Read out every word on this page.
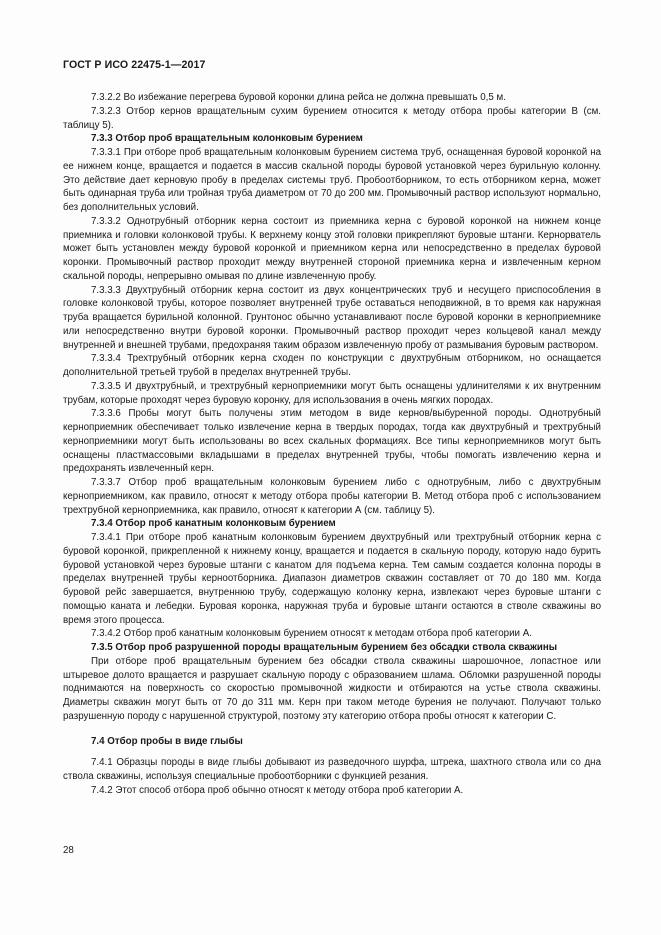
ГОСТ Р ИСО 22475-1—2017

7.3.2.2 Во избежание перегрева буровой коронки длина рейса не должна превышать 0,5 м.

7.3.2.3 Отбор кернов вращательным сухим бурением относится к методу отбора пробы категории В (см. таблицу 5).

7.3.3 Отбор проб вращательным колонковым бурением

7.3.3.1 При отборе проб вращательным колонковым бурением система труб, оснащенная буровой коронкой на ее нижнем конце, вращается и подается в массив скальной породы буровой установкой через бурильную колонну. Это действие дает керновую пробу в пределах системы труб. Пробоотборником, то есть отборником керна, может быть одинарная труба или тройная труба диаметром от 70 до 200 мм. Промывочный раствор используют нормально, без дополнительных условий.

7.3.3.2 Однотрубный отборник керна состоит из приемника керна с буровой коронкой на нижнем конце приемника и головки колонковой трубы. К верхнему концу этой головки прикрепляют буровые штанги. Кернорватель может быть установлен между буровой коронкой и приемником керна или непосредственно в пределах буровой коронки. Промывочный раствор проходит между внутренней стороной приемника керна и извлеченным керном скальной породы, непрерывно омывая по длине извлеченную пробу.

7.3.3.3 Двухтрубный отборник керна состоит из двух концентрических труб и несущего приспособления в головке колонковой трубы, которое позволяет внутренней трубе оставаться неподвижной, в то время как наружная труба вращается бурильной колонной. Грунтонос обычно устанавливают после буровой коронки в керноприемнике или непосредственно внутри буровой коронки. Промывочный раствор проходит через кольцевой канал между внутренней и внешней трубами, предохраняя таким образом извлеченную пробу от размывания буровым раствором.

7.3.3.4 Трехтрубный отборник керна сходен по конструкции с двухтрубным отборником, но оснащается дополнительной третьей трубой в пределах внутренней трубы.

7.3.3.5 И двухтрубный, и трехтрубный керноприемники могут быть оснащены удлинителями к их внутренним трубам, которые проходят через буровую коронку, для использования в очень мягких породах.

7.3.3.6 Пробы могут быть получены этим методом в виде кернов/выбуренной породы. Однотрубный керноприемник обеспечивает только извлечение керна в твердых породах, тогда как двухтрубный и трехтрубный керноприемники могут быть использованы во всех скальных формациях. Все типы керноприемников могут быть оснащены пластмассовыми вкладышами в пределах внутренней трубы, чтобы помогать извлечению керна и предохранять извлеченный керн.

7.3.3.7 Отбор проб вращательным колонковым бурением либо с однотрубным, либо с двухтрубным керноприемником, как правило, относят к методу отбора пробы категории В. Метод отбора проб с использованием трехтрубной керноприемника, как правило, относят к категории А (см. таблицу 5).

7.3.4 Отбор проб канатным колонковым бурением

7.3.4.1 При отборе проб канатным колонковым бурением двухтрубный или трехтрубный отборник керна с буровой коронкой, прикрепленной к нижнему концу, вращается и подается в скальную породу, которую надо бурить буровой установкой через буровые штанги с канатом для подъема керна. Тем самым создается колонна породы в пределах внутренней трубы керноотборника. Диапазон диаметров скважин составляет от 70 до 180 мм. Когда буровой рейс завершается, внутреннюю трубу, содержащую колонку керна, извлекают через буровые штанги с помощью каната и лебедки. Буровая коронка, наружная труба и буровые штанги остаются в стволе скважины во время этого процесса.

7.3.4.2 Отбор проб канатным колонковым бурением относят к методам отбора проб категории А.

7.3.5 Отбор проб разрушенной породы вращательным бурением без обсадки ствола скважины

При отборе проб вращательным бурением без обсадки ствола скважины шарошочное, лопастное или штыревое долото вращается и разрушает скальную породу с образованием шлама. Обломки разрушенной породы поднимаются на поверхность со скоростью промывочной жидкости и отбираются на устье ствола скважины. Диаметры скважин могут быть от 70 до 311 мм. Керн при таком методе бурения не получают. Получают только разрушенную породу с нарушенной структурой, поэтому эту категорию отбора пробы относят к категории С.

7.4 Отбор пробы в виде глыбы

7.4.1 Образцы породы в виде глыбы добывают из разведочного шурфа, штрека, шахтного ствола или со дна ствола скважины, используя специальные пробоотборники с функцией резания.

7.4.2 Этот способ отбора проб обычно относят к методу отбора проб категории А.

28
